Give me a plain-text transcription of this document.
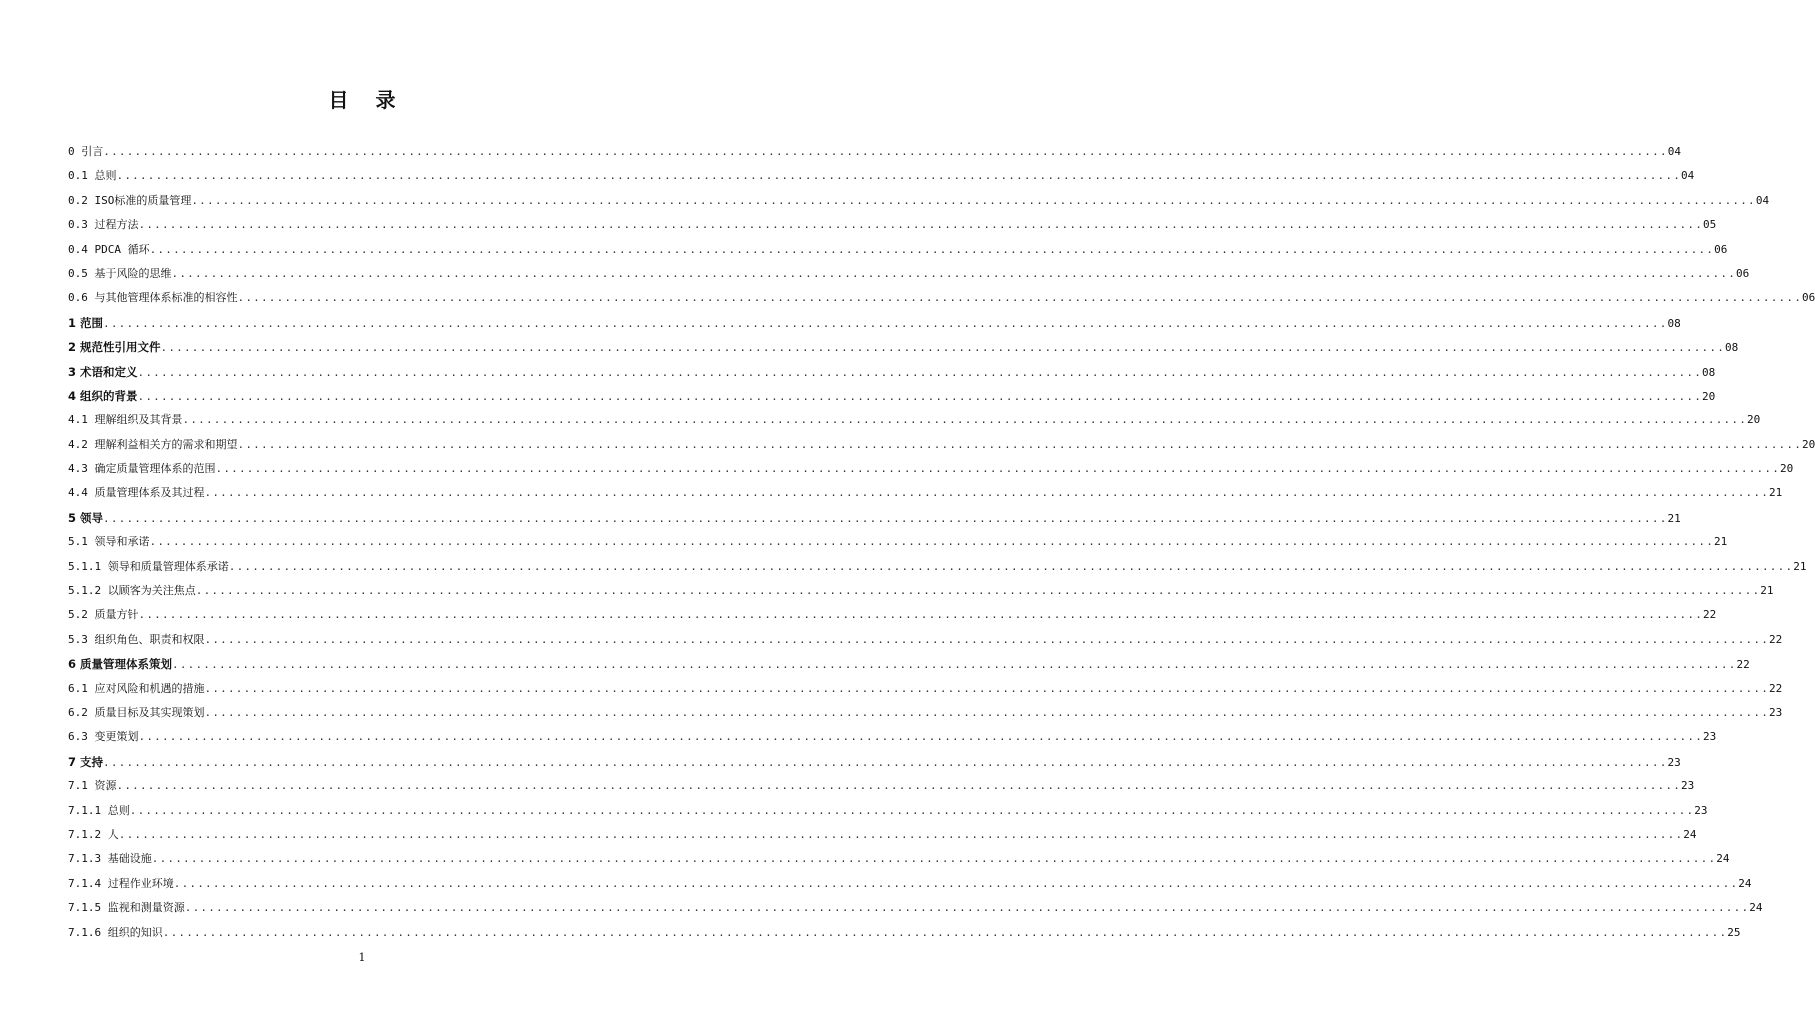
目 录
0 引言 ........................................................................................................................................................................................................ 04
0.1 总则 ........................................................................................................................................................................................................ 04
0.2 ISO标准的质量管理 ........................................................................................................................................................................................................ 04
0.3 过程方法 ........................................................................................................................................................................................................ 05
0.4 PDCA 循环 ........................................................................................................................................................................................................ 06
0.5 基于风险的思维 ........................................................................................................................................................................................................ 06
0.6 与其他管理体系标准的相容性 ........................................................................................................................................................................................................ 06
1 范围 ........................................................................................................................................................................................................ 08
2 规范性引用文件 ........................................................................................................................................................................................................ 08
3 术语和定义 ........................................................................................................................................................................................................ 08
4 组织的背景 ........................................................................................................................................................................................................ 20
4.1 理解组织及其背景 ........................................................................................................................................................................................................ 20
4.2 理解利益相关方的需求和期望 ........................................................................................................................................................................................................ 20
4.3 确定质量管理体系的范围 ........................................................................................................................................................................................................ 20
4.4 质量管理体系及其过程 ........................................................................................................................................................................................................ 21
5 领导 ........................................................................................................................................................................................................ 21
5.1 领导和承诺 ........................................................................................................................................................................................................ 21
5.1.1 领导和质量管理体系承诺 ........................................................................................................................................................................................................ 21
5.1.2 以顾客为关注焦点 ........................................................................................................................................................................................................ 21
5.2 质量方针 ........................................................................................................................................................................................................ 22
5.3 组织角色、职责和权限 ........................................................................................................................................................................................................ 22
6 质量管理体系策划 ........................................................................................................................................................................................................ 22
6.1 应对风险和机遇的措施 ........................................................................................................................................................................................................ 22
6.2 质量目标及其实现策划 ........................................................................................................................................................................................................ 23
6.3 变更策划 ........................................................................................................................................................................................................ 23
7 支持 ........................................................................................................................................................................................................ 23
7.1 资源 ........................................................................................................................................................................................................ 23
7.1.1 总则 ........................................................................................................................................................................................................ 23
7.1.2 人 ........................................................................................................................................................................................................ 24
7.1.3 基础设施 ........................................................................................................................................................................................................ 24
7.1.4 过程作业环境 ........................................................................................................................................................................................................ 24
7.1.5 监视和测量资源 ........................................................................................................................................................................................................ 24
7.1.6 组织的知识 ........................................................................................................................................................................................................ 25
1
